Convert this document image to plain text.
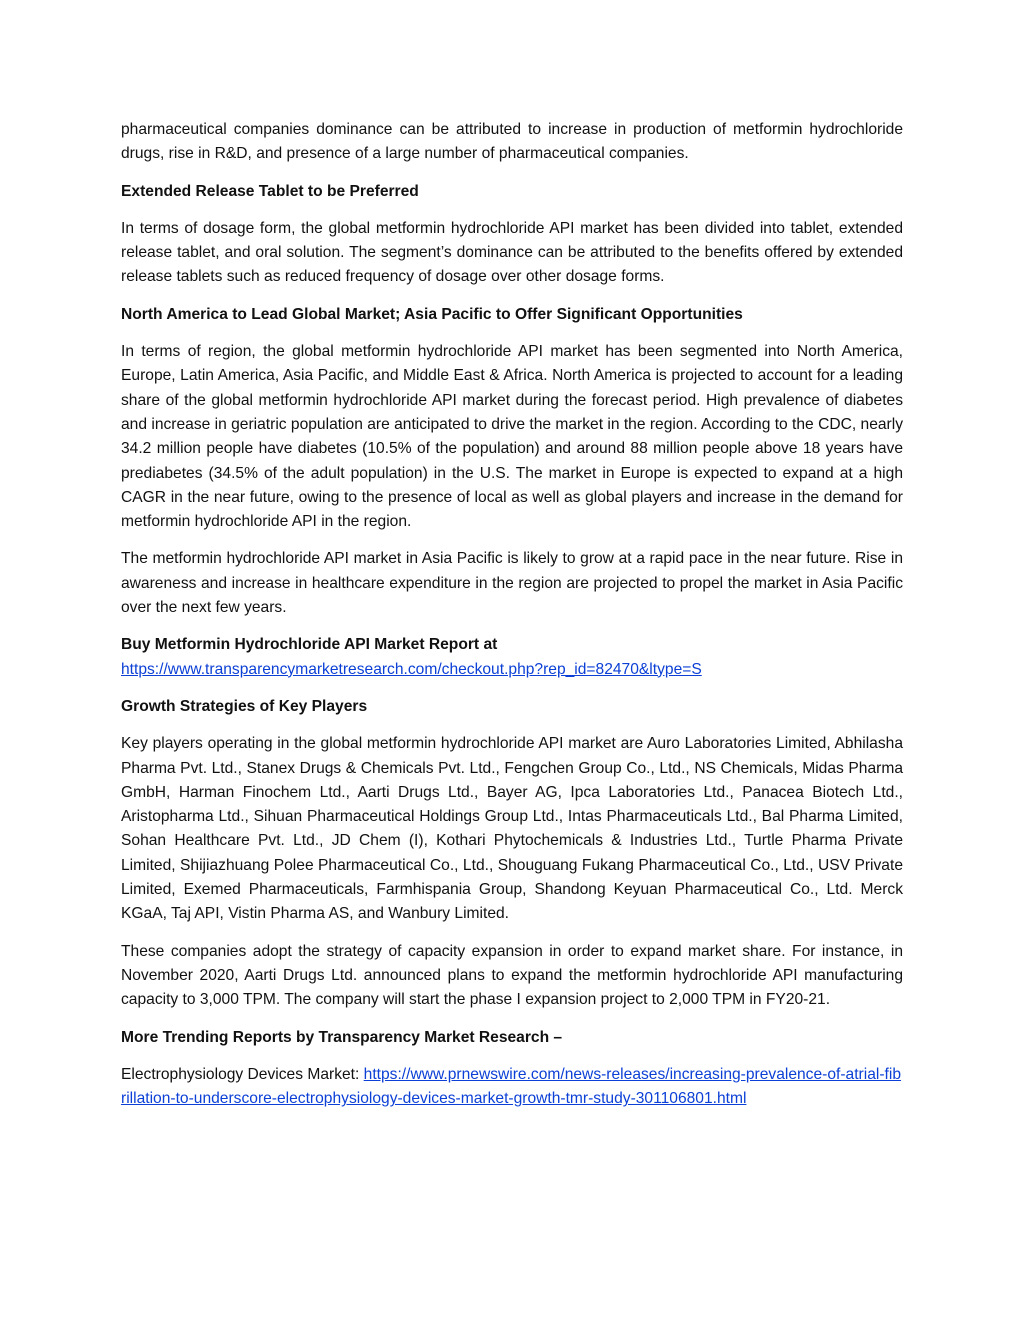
pharmaceutical companies dominance can be attributed to increase in production of metformin hydrochloride drugs, rise in R&D, and presence of a large number of pharmaceutical companies.

Extended Release Tablet to be Preferred

In terms of dosage form, the global metformin hydrochloride API market has been divided into tablet, extended release tablet, and oral solution. The segment’s dominance can be attributed to the benefits offered by extended release tablets such as reduced frequency of dosage over other dosage forms.

North America to Lead Global Market; Asia Pacific to Offer Significant Opportunities

In terms of region, the global metformin hydrochloride API market has been segmented into North America, Europe, Latin America, Asia Pacific, and Middle East & Africa. North America is projected to account for a leading share of the global metformin hydrochloride API market during the forecast period. High prevalence of diabetes and increase in geriatric population are anticipated to drive the market in the region. According to the CDC, nearly 34.2 million people have diabetes (10.5% of the population) and around 88 million people above 18 years have prediabetes (34.5% of the adult population) in the U.S. The market in Europe is expected to expand at a high CAGR in the near future, owing to the presence of local as well as global players and increase in the demand for metformin hydrochloride API in the region.

The metformin hydrochloride API market in Asia Pacific is likely to grow at a rapid pace in the near future. Rise in awareness and increase in healthcare expenditure in the region are projected to propel the market in Asia Pacific over the next few years.

Buy Metformin Hydrochloride API Market Report at
https://www.transparencymarketresearch.com/checkout.php?rep_id=82470&ltype=S

Growth Strategies of Key Players

Key players operating in the global metformin hydrochloride API market are Auro Laboratories Limited, Abhilasha Pharma Pvt. Ltd., Stanex Drugs & Chemicals Pvt. Ltd., Fengchen Group Co., Ltd., NS Chemicals, Midas Pharma GmbH, Harman Finochem Ltd., Aarti Drugs Ltd., Bayer AG, Ipca Laboratories Ltd., Panacea Biotech Ltd., Aristopharma Ltd., Sihuan Pharmaceutical Holdings Group Ltd., Intas Pharmaceuticals Ltd., Bal Pharma Limited, Sohan Healthcare Pvt. Ltd., JD Chem (I), Kothari Phytochemicals & Industries Ltd., Turtle Pharma Private Limited, Shijiazhuang Polee Pharmaceutical Co., Ltd., Shouguang Fukang Pharmaceutical Co., Ltd., USV Private Limited, Exemed Pharmaceuticals, Farmhispania Group, Shandong Keyuan Pharmaceutical Co., Ltd. Merck KGaA, Taj API, Vistin Pharma AS, and Wanbury Limited.

These companies adopt the strategy of capacity expansion in order to expand market share. For instance, in November 2020, Aarti Drugs Ltd. announced plans to expand the metformin hydrochloride API manufacturing capacity to 3,000 TPM. The company will start the phase I expansion project to 2,000 TPM in FY20-21.

More Trending Reports by Transparency Market Research –

Electrophysiology Devices Market: https://www.prnewswire.com/news-releases/increasing-prevalence-of-atrial-fibrillation-to-underscore-electrophysiology-devices-market-growth-tmr-study-301106801.html
